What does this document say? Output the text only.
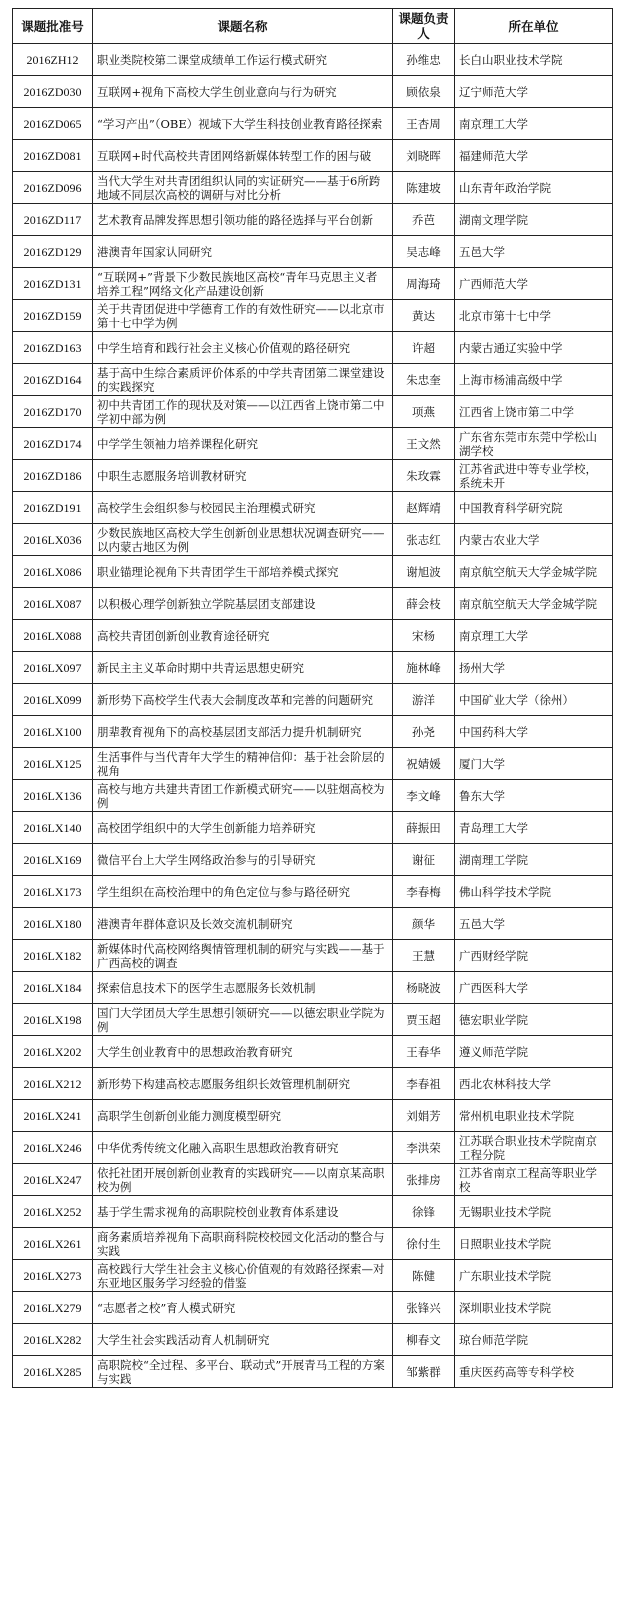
课题批准号	课题名称	课题负责人	所在单位
2016ZH12	职业类院校第二课堂成绩单工作运行模式研究	孙维忠	长白山职业技术学院
2016ZD030	互联网+视角下高校大学生创业意向与行为研究	顾依泉	辽宁师范大学
2016ZD065	“学习产出”（OBE）视域下大学生科技创业教育路径探索	王杏周	南京理工大学
2016ZD081	互联网+时代高校共青团网络新媒体转型工作的困与破	刘晓晖	福建师范大学
2016ZD096	当代大学生对共青团组织认同的实证研究——基于6所跨地域不同层次高校的调研与对比分析	陈建坡	山东青年政治学院
2016ZD117	艺术教育品牌发挥思想引领功能的路径选择与平台创新	乔芭	湖南文理学院
2016ZD129	港澳青年国家认同研究	吴志峰	五邑大学
2016ZD131	“互联网+”背景下少数民族地区高校“青年马克思主义者培养工程”网络文化产品建设创新	周海琦	广西师范大学
2016ZD159	关于共青团促进中学德育工作的有效性研究——以北京市第十七中学为例	黄达	北京市第十七中学
2016ZD163	中学生培育和践行社会主义核心价值观的路径研究	许超	内蒙古通辽实验中学
2016ZD164	基于高中生综合素质评价体系的中学共青团第二课堂建设的实践探究	朱忠奎	上海市杨浦高级中学
2016ZD170	初中共青团工作的现状及对策——以江西省上饶市第二中学初中部为例	项燕	江西省上饶市第二中学
2016ZD174	中学学生领袖力培养课程化研究	王文然	广东省东莞市东莞中学松山湖学校
2016ZD186	中职生志愿服务培训教材研究	朱玫霖	江苏省武进中等专业学校，系统未开
2016ZD191	高校学生会组织参与校园民主治理模式研究	赵辉靖	中国教育科学研究院
2016LX036	少数民族地区高校大学生创新创业思想状况调查研究——以内蒙古地区为例	张志红	内蒙古农业大学
2016LX086	职业锚理论视角下共青团学生干部培养模式探究	谢旭波	南京航空航天大学金城学院
2016LX087	以积极心理学创新独立学院基层团支部建设	薛会枝	南京航空航天大学金城学院
2016LX088	高校共青团创新创业教育途径研究	宋杨	南京理工大学
2016LX097	新民主主义革命时期中共青运思想史研究	施林峰	扬州大学
2016LX099	新形势下高校学生代表大会制度改革和完善的问题研究	游洋	中国矿业大学（徐州）
2016LX100	朋辈教育视角下的高校基层团支部活力提升机制研究	孙尧	中国药科大学
2016LX125	生活事件与当代青年大学生的精神信仰：基于社会阶层的视角	祝婧媛	厦门大学
2016LX136	高校与地方共建共青团工作新模式研究——以驻烟高校为例	李文峰	鲁东大学
2016LX140	高校团学组织中的大学生创新能力培养研究	薛振田	青岛理工大学
2016LX169	微信平台上大学生网络政治参与的引导研究	谢征	湖南理工学院
2016LX173	学生组织在高校治理中的角色定位与参与路径研究	李春梅	佛山科学技术学院
2016LX180	港澳青年群体意识及长效交流机制研究	颜华	五邑大学
2016LX182	新媒体时代高校网络舆情管理机制的研究与实践——基于广西高校的调查	王慧	广西财经学院
2016LX184	探索信息技术下的医学生志愿服务长效机制	杨晓波	广西医科大学
2016LX198	国门大学团员大学生思想引领研究——以德宏职业学院为例	贾玉超	德宏职业学院
2016LX202	大学生创业教育中的思想政治教育研究	王春华	遵义师范学院
2016LX212	新形势下构建高校志愿服务组织长效管理机制研究	李春祖	西北农林科技大学
2016LX241	高职学生创新创业能力测度模型研究	刘娟芳	常州机电职业技术学院
2016LX246	中华优秀传统文化融入高职生思想政治教育研究	李洪荣	江苏联合职业技术学院南京工程分院
2016LX247	依托社团开展创新创业教育的实践研究——以南京某高职校为例	张排房	江苏省南京工程高等职业学校
2016LX252	基于学生需求视角的高职院校创业教育体系建设	徐锋	无锡职业技术学院
2016LX261	商务素质培养视角下高职商科院校校园文化活动的整合与实践	徐付生	日照职业技术学院
2016LX273	高校践行大学生社会主义核心价值观的有效路径探索—对东亚地区服务学习经验的借鉴	陈健	广东职业技术学院
2016LX279	“志愿者之校”育人模式研究	张锋兴	深圳职业技术学院
2016LX282	大学生社会实践活动育人机制研究	柳春文	琼台师范学院
2016LX285	高职院校“全过程、多平台、联动式”开展青马工程的方案与实践	邹紫群	重庆医药高等专科学校
